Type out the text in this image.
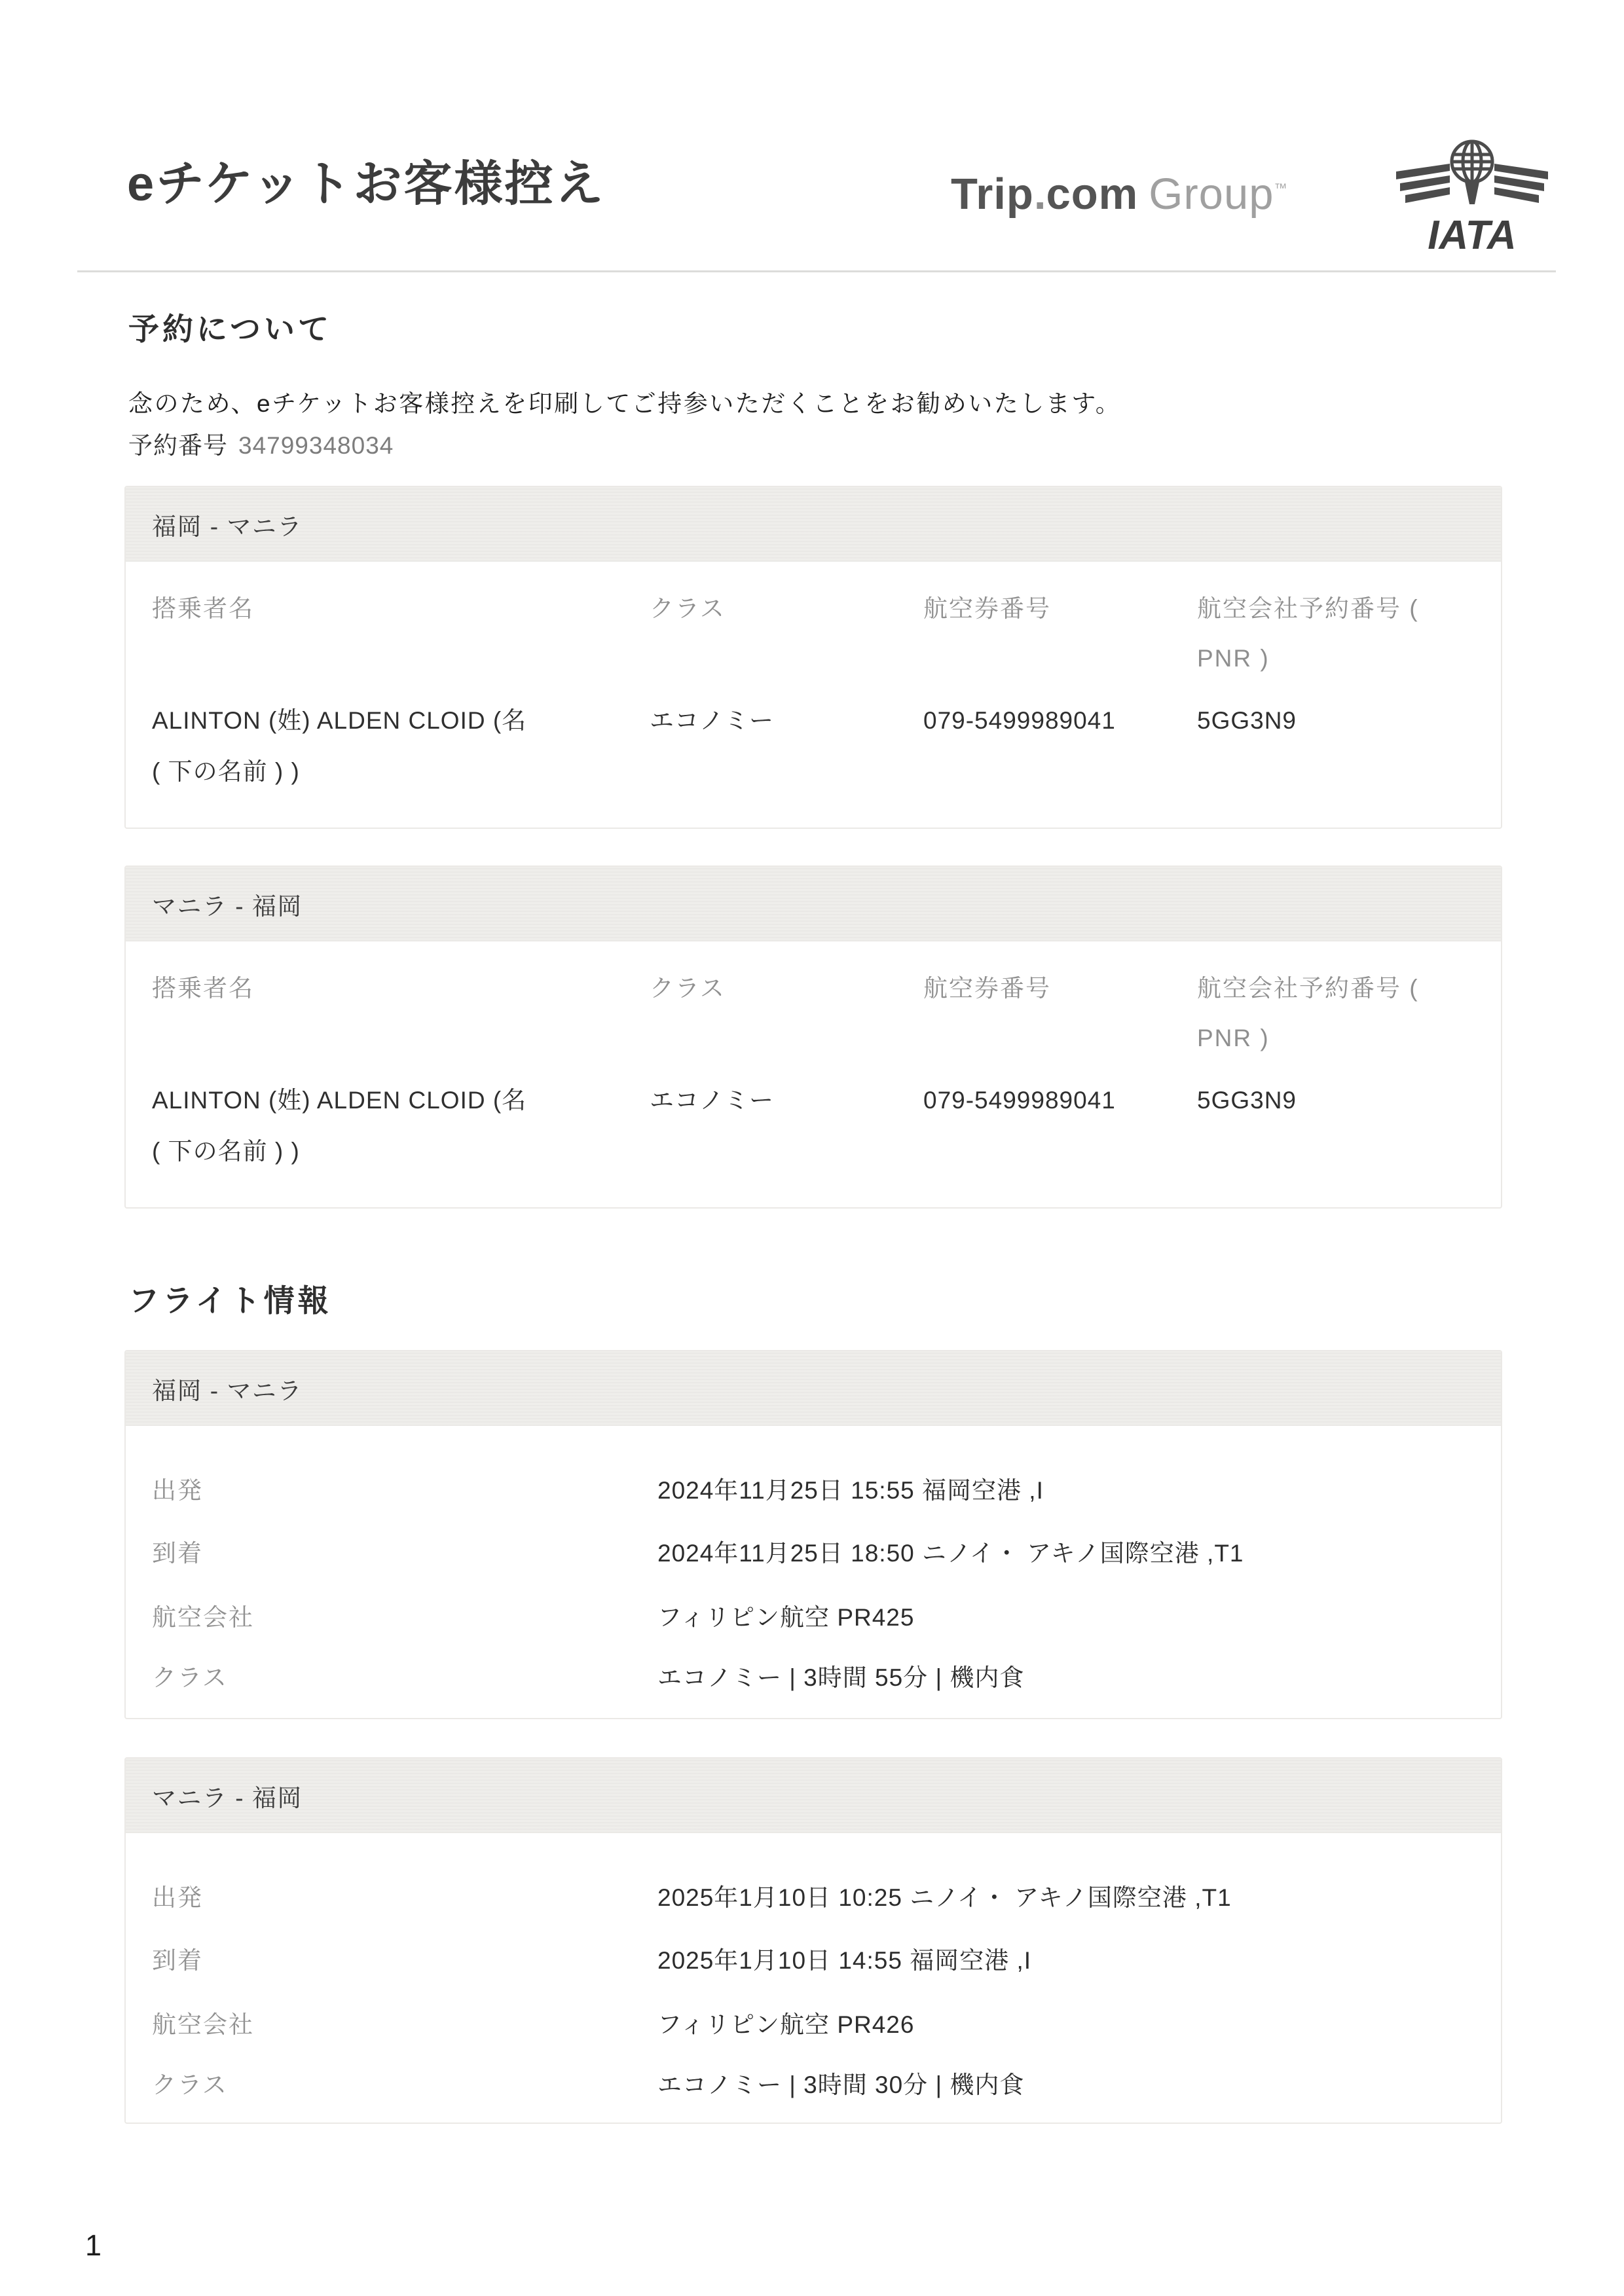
eチケットお客様控え	Trip.com Group™
IATA
予約について
念のため、eチケットお客様控えを印刷してご持参いただくことをお勧めいたします。
予約番号 34799348034
福岡 - マニラ
搭乗者名	クラス	航空券番号	航空会社予約番号 (
PNR )
ALINTON (姓) ALDEN CLOID (名
( 下の名前 ) )
エコノミー	079-5499989041	5GG3N9
マニラ - 福岡
搭乗者名	クラス	航空券番号	航空会社予約番号 (
PNR )
ALINTON (姓) ALDEN CLOID (名
( 下の名前 ) )
エコノミー	079-5499989041	5GG3N9
フライト情報
福岡 - マニラ
出発	2024年11月25日 15:55 福岡空港 ,I
到着	2024年11月25日 18:50 ニノイ・ アキノ国際空港 ,T1
航空会社	フィリピン航空 PR425
クラス	エコノミー | 3時間 55分 | 機内食
マニラ - 福岡
出発	2025年1月10日 10:25 ニノイ・ アキノ国際空港 ,T1
到着	2025年1月10日 14:55 福岡空港 ,I
航空会社	フィリピン航空 PR426
クラス	エコノミー | 3時間 30分 | 機内食
1
